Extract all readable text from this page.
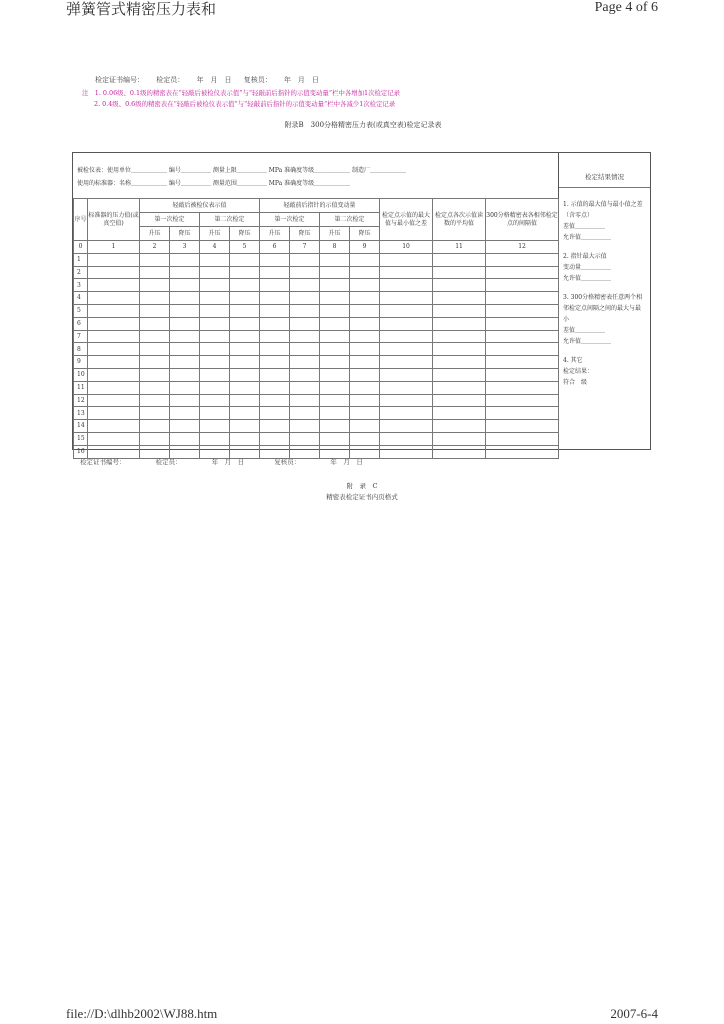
弹簧管式精密压力表和	Page 4 of 6
检定证书编号： 检定员： 年　月　日 复核员： 年　月　日
注　1. 0.06级、0.1级的精密表在“轻敲后被检仪表示值”与“轻敲前后指针的示值变动量”栏中各增加1次检定记录
2. 0.4级、0.6级的精密表在“轻敲后被检仪表示值”与“轻敲前后指针的示值变动量”栏中各减少1次检定记录
附录B　300分格精密压力表(或真空表)检定记录表
被检仪表：使用单位＿＿＿＿＿＿ 编号＿＿＿＿＿ 测量上限＿＿＿＿＿ MPa 准确度等级＿＿＿＿＿＿ 制造厂＿＿＿＿＿＿
使用的标准器：名称＿＿＿＿＿＿ 编号＿＿＿＿＿ 测量范围＿＿＿＿＿ MPa 准确度等级＿＿＿＿＿＿
序号	标准器的压力值(或真空值)	轻敲后被检仪表示值				轻敲前后指针的示值变动量				检定点示值的最大值与最小值之差	检定点各次示值读数的平均值	300分格精密表各相邻检定点的间隔值
		第一次检定		第二次检定		第一次检定		第二次检定				
		升压	降压	升压	降压	升压	降压	升压	降压			
0	1	2	3	4	5	6	7	8	9	10	11	12
1												
2												
3												
4												
5												
6												
7												
8												
9												
10												
11												
12												
13												
14												
15												
16												
检定结果情况
1. 示值的最大值与最小值之差（含零点）
差值＿＿＿＿＿
允许值＿＿＿＿＿
2. 指针最大示值
变动量＿＿＿＿＿
允许值＿＿＿＿＿
3. 300分格精密表任意两个相邻检定点间隔之间的最大与最小
差值＿＿＿＿＿
允许值＿＿＿＿＿
4. 其它
检定结果：
符合　级
检定证书编号：	检定员：	年　月　日	复核员：	年　月　日
附　录　C
精密表检定证书内页格式
file://D:\dlhb2002\WJ88.htm	2007-6-4
